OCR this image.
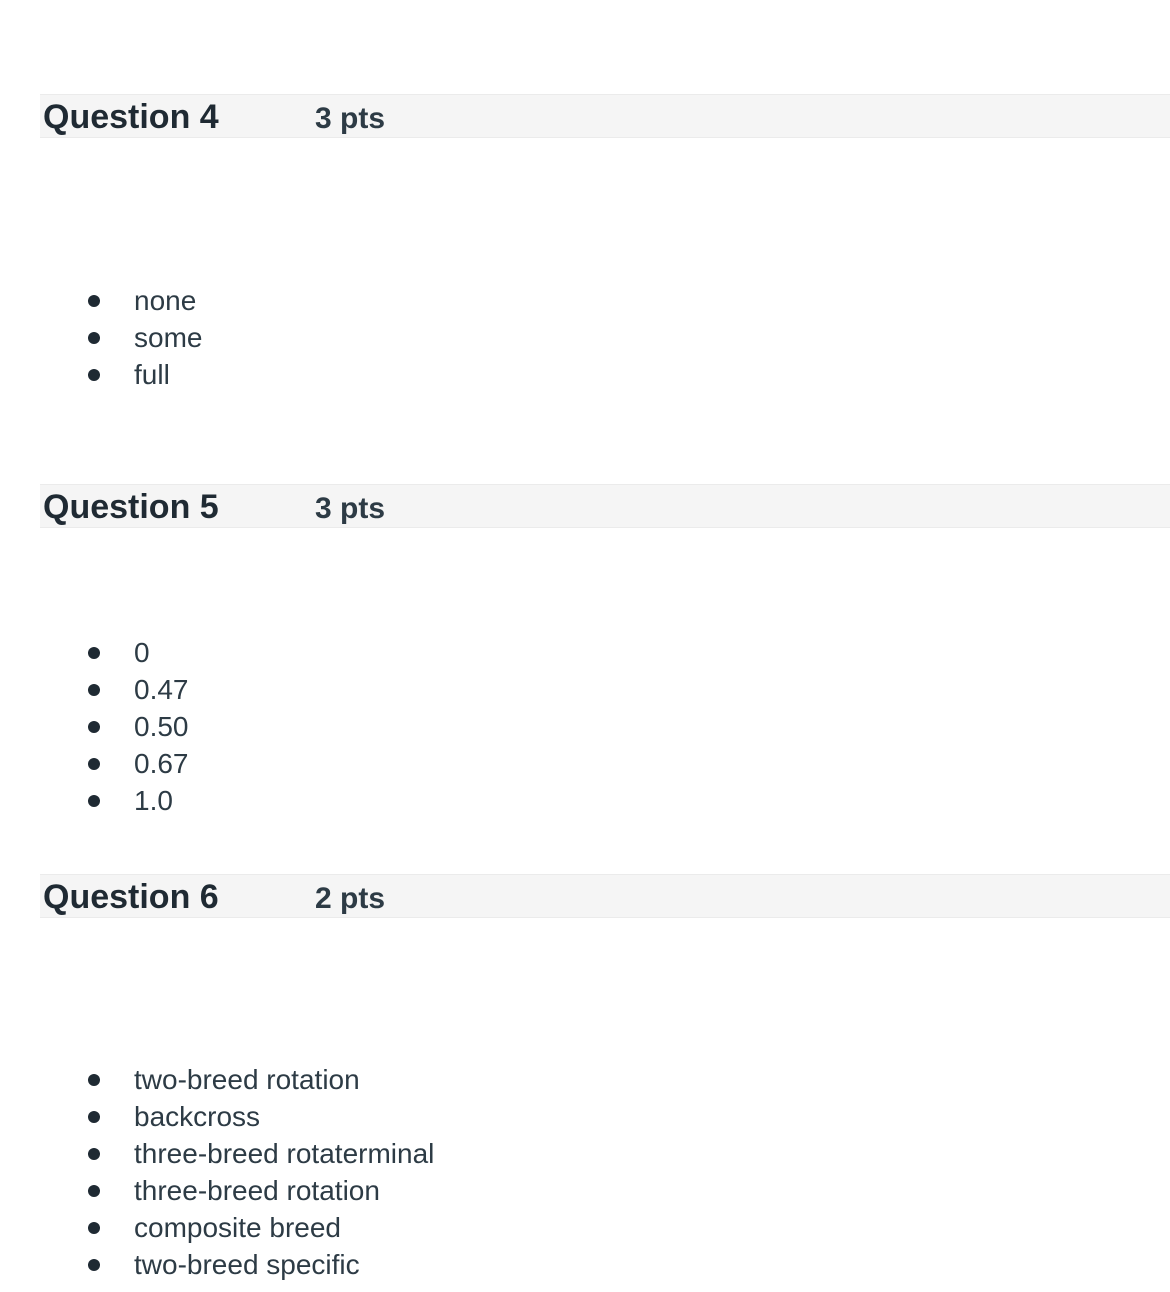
Question 4	3 pts
none
some
full
Question 5	3 pts
0
0.47
0.50
0.67
1.0
Question 6	2 pts
two-breed rotation
backcross
three-breed rotaterminal
three-breed rotation
composite breed
two-breed specific
